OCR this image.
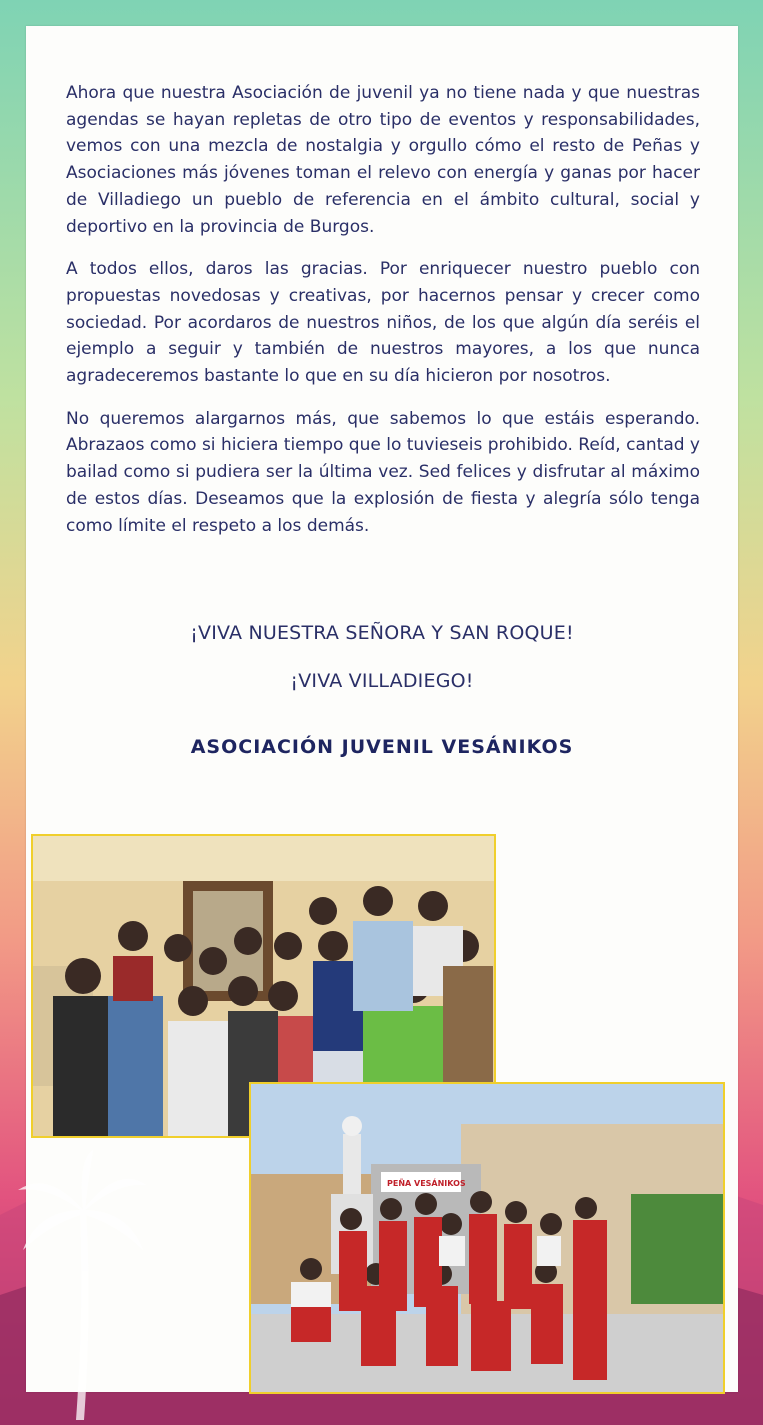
Ahora que nuestra Asociación de juvenil ya no tiene nada y que nuestras agendas se hayan repletas de otro tipo de eventos y responsabilidades, vemos con una mezcla de nostalgia y orgullo cómo el resto de Peñas y Asociaciones más jóvenes toman el relevo con energía y ganas por hacer de Villadiego un pueblo de referencia en el ámbito cultural, social y deportivo en la provincia de Burgos.

A todos ellos, daros las gracias. Por enriquecer nuestro pueblo con propuestas novedosas y creativas, por hacernos pensar y crecer como sociedad. Por acordaros de nuestros niños, de los que algún día seréis el ejemplo a seguir y también de nuestros mayores, a los que nunca agradeceremos bastante lo que en su día hicieron por nosotros.

No queremos alargarnos más, que sabemos lo que estáis esperando. Abrazaos como si hiciera tiempo que lo tuvieseis prohibido. Reíd, cantad y bailad como si pudiera ser la última vez. Sed felices y disfrutar al máximo de estos días. Deseamos que la explosión de fiesta y alegría sólo tenga como límite el respeto a los demás.

¡VIVA NUESTRA SEÑORA Y SAN ROQUE!
¡VIVA VILLADIEGO!
ASOCIACIÓN JUVENIL VESÁNIKOS
PEÑA VESÁNIKOS
